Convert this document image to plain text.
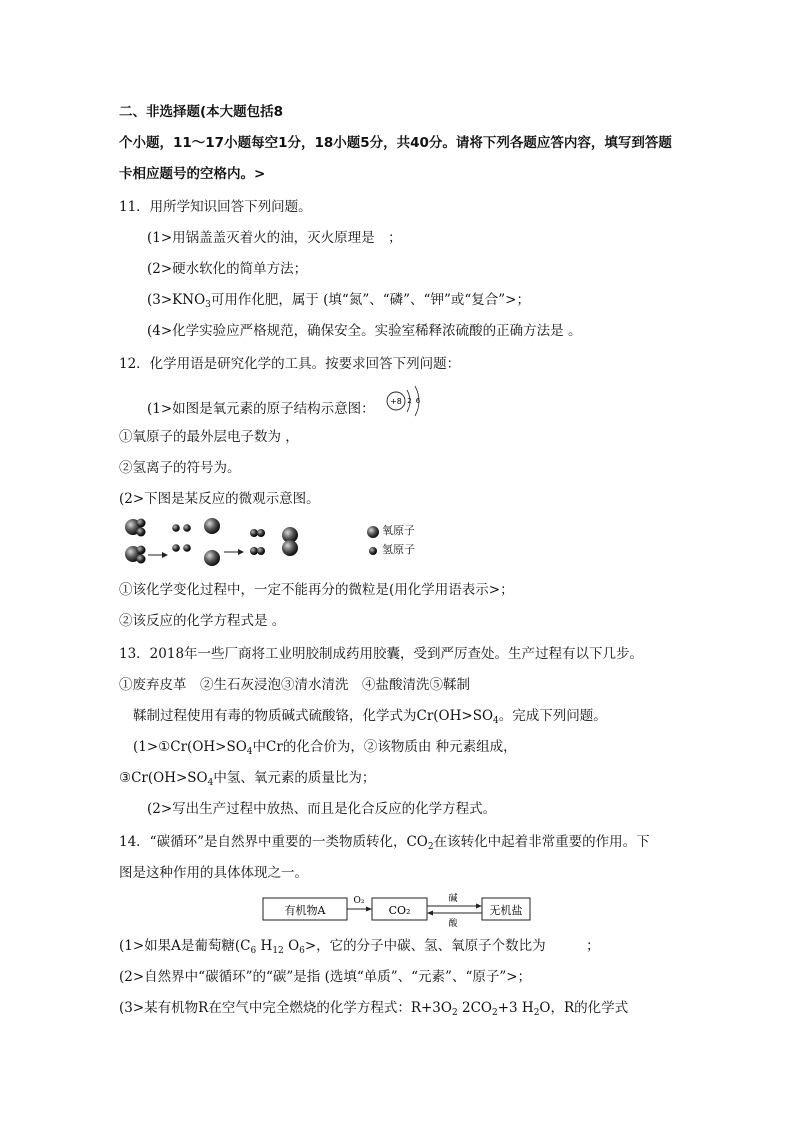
二、非选择题(本大题包括8
个小题，11～17小题每空1分，18小题5分，共40分。请将下列各题应答内容，填写到答题
卡相应题号的空格内。>
11．用所学知识回答下列问题。
(1>用锅盖盖灭着火的油，灭火原理是　；
(2>硬水软化的简单方法；
($3>KNO_3$可用作化肥，属于 (填“氮”、“磷”、“钾”或“复合”>；
(4>化学实验应严格规范，确保安全。实验室稀释浓硫酸的正确方法是 。
12．化学用语是研究化学的工具。按要求回答下列问题：
(1>如图是氧元素的原子结构示意图： +8 2 6
①氧原子的最外层电子数为 ，
②氢离子的符号为。
(2>下图是某反应的微观示意图。
氧原子
氢原子
①该化学变化过程中，一定不能再分的微粒是(用化学用语表示>；
②该反应的化学方程式是 。
13．2018年一些厂商将工业明胶制成药用胶囊，受到严厉查处。生产过程有以下几步。
①废弃皮革　②生石灰浸泡③清水清洗　④盐酸清洗⑤鞣制
鞣制过程使用有毒的物质碱式硫酸铬，化学式为$Cr(OH>SO_4$。完成下列问题。
($1>①Cr(OH>SO_4$中Cr的化合价为，②该物质由 种元素组成，
$③Cr(OH>SO_4$中氢、氧元素的质量比为；
(2>写出生产过程中放热、而且是化合反应的化学方程式。
14．“碳循环”是自然界中重要的一类物质转化，$CO_2$在该转化中起着非常重要的作用。下
图是这种作用的具体体现之一。
有机物A
O₂
CO₂
碱
酸
无机盐
(1>如果A是葡萄糖($C_6$ $H_{12}$ $O_6>$，它的分子中碳、氢、氧原子个数比为　　　；
(2>自然界中“碳循环”的“碳”是指 (选填“单质”、“元素”、“原子”>；
(3>某有机物R在空气中完全燃烧的化学方程式：$R+3O_2$ $2CO_2+3$ $H_2O$，R的化学式
